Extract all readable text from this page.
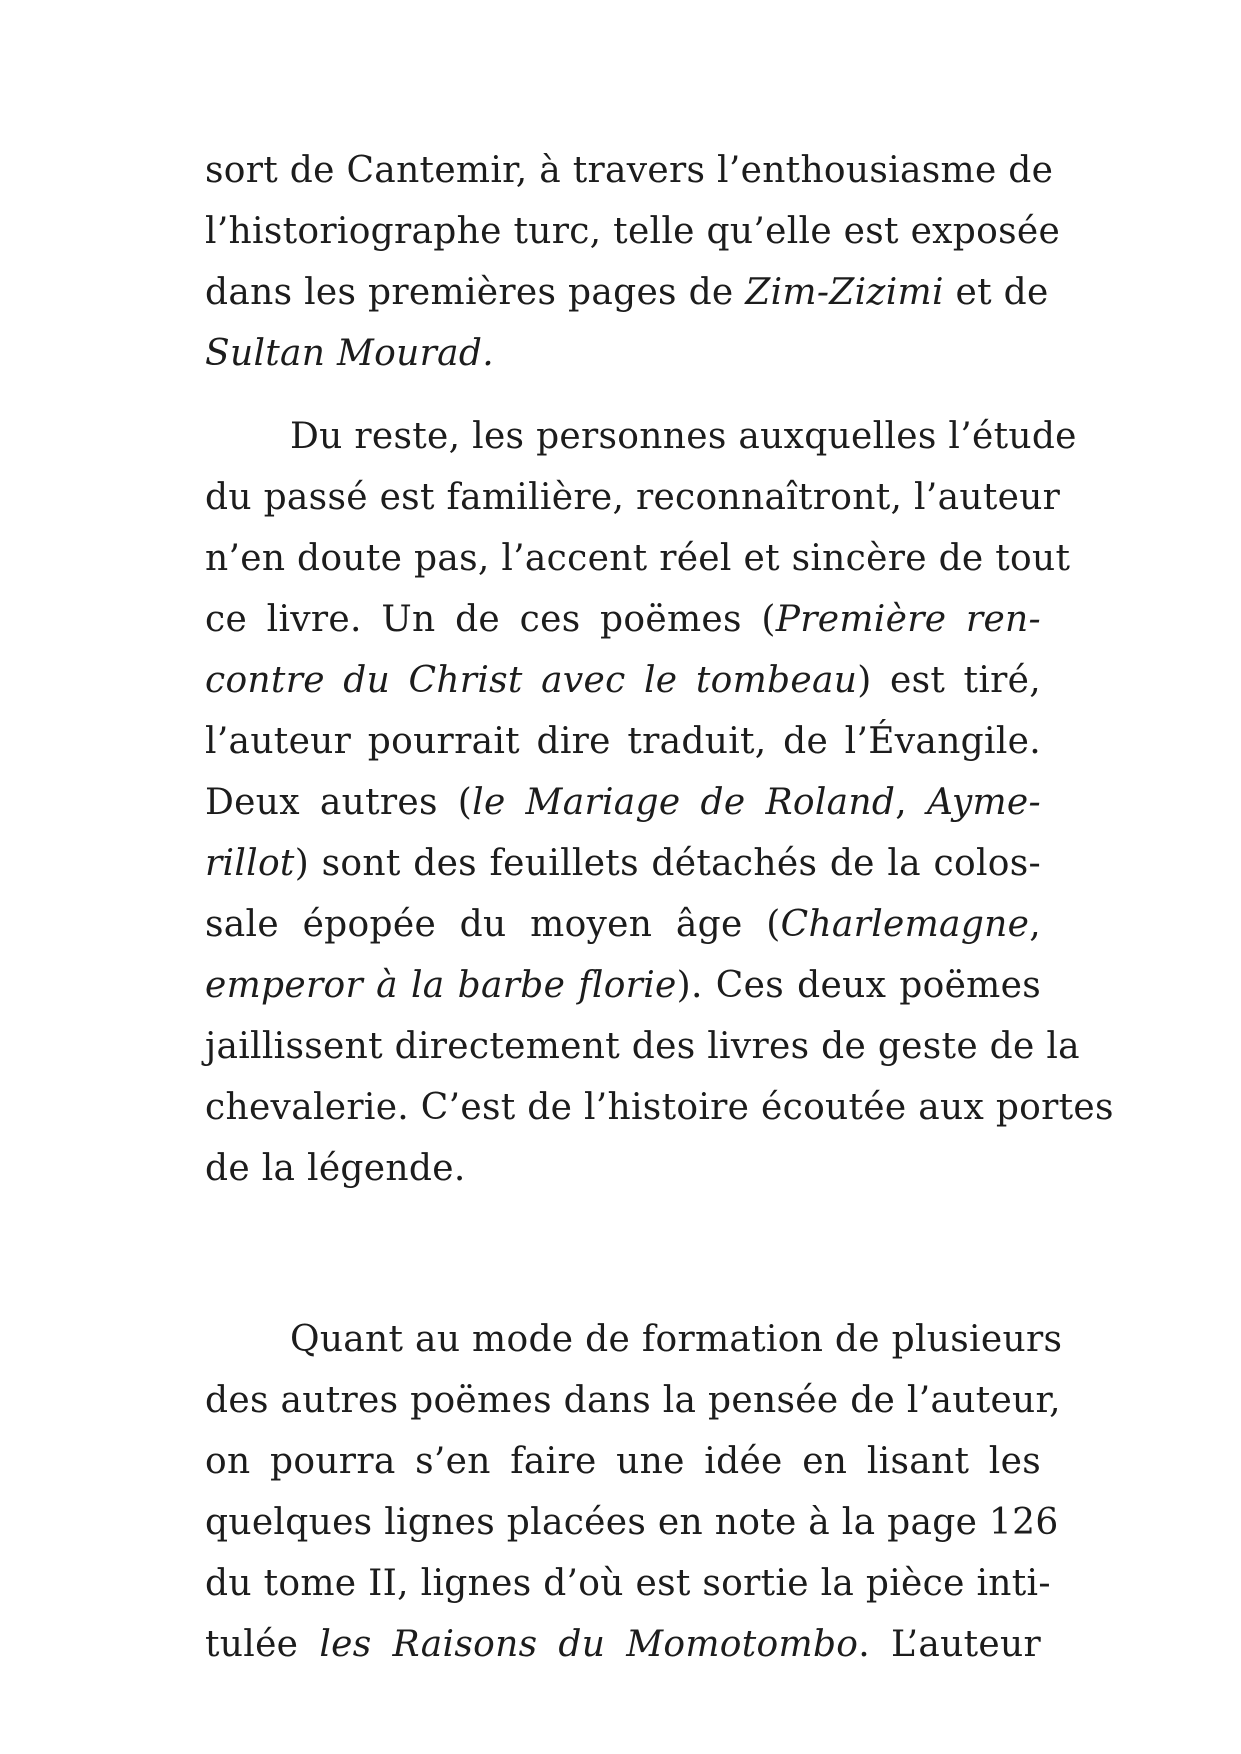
sort de Cantemir, à travers l’enthousiasme de
l’historiographe turc, telle qu’elle est exposée
dans les premières pages de Zim-Zizimi et de
Sultan Mourad.
Du reste, les personnes auxquelles l’étude
du passé est familière, reconnaîtront, l’auteur
n’en doute pas, l’accent réel et sincère de tout
ce livre. Un de ces poëmes (Première ren-
contre du Christ avec le tombeau) est tiré,
l’auteur pourrait dire traduit, de l’Évangile.
Deux autres (le Mariage de Roland, Ayme-
rillot) sont des feuillets détachés de la colos-
sale épopée du moyen âge (Charlemagne,
emperor à la barbe florie). Ces deux poëmes
jaillissent directement des livres de geste de la
chevalerie. C’est de l’histoire écoutée aux portes
de la légende.
Quant au mode de formation de plusieurs
des autres poëmes dans la pensée de l’auteur,
on pourra s’en faire une idée en lisant les
quelques lignes placées en note à la page 126
du tome II, lignes d’où est sortie la pièce inti-
tulée les Raisons du Momotombo. L’auteur
